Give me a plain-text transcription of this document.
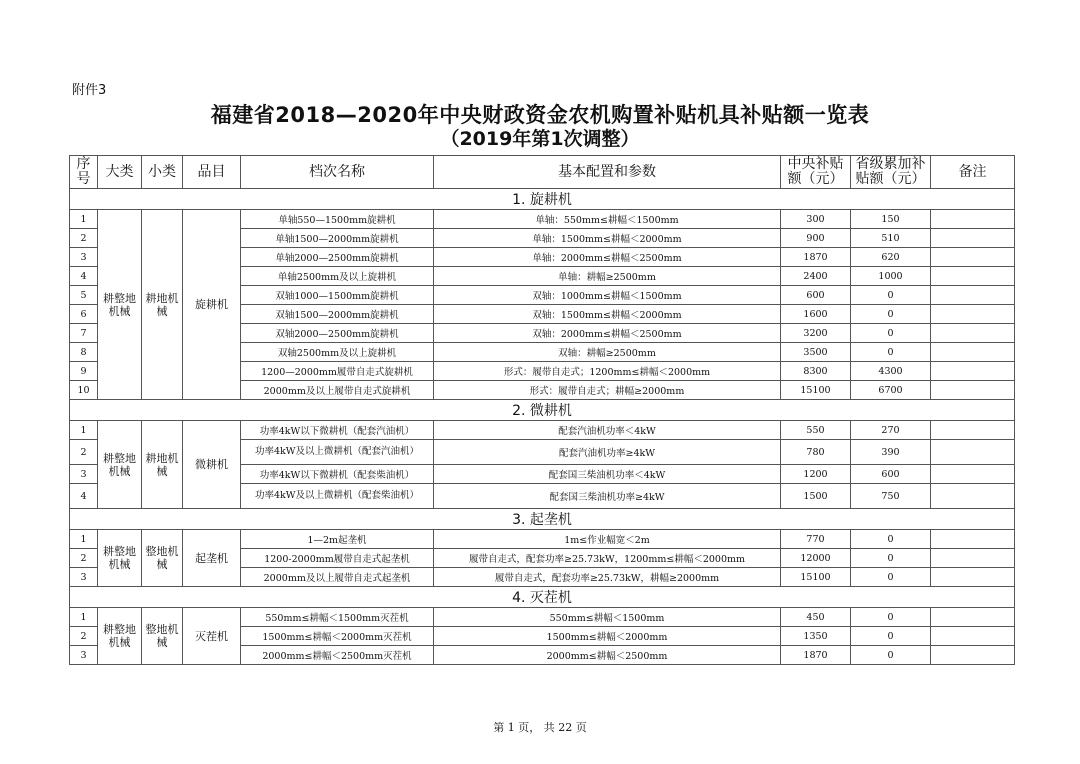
附件3
福建省2018—2020年中央财政资金农机购置补贴机具补贴额一览表
（2019年第1次调整）
序号	大类	小类	品目	档次名称	基本配置和参数	中央补贴额（元）	省级累加补贴额（元）	备注
1. 旋耕机								
1	耕整地机械	耕地机械	旋耕机	单轴550—1500mm旋耕机	单轴：550mm≤耕幅＜1500mm	300	150	
2				单轴1500—2000mm旋耕机	单轴：1500mm≤耕幅＜2000mm	900	510	
3				单轴2000—2500mm旋耕机	单轴：2000mm≤耕幅＜2500mm	1870	620	
4				单轴2500mm及以上旋耕机	单轴：耕幅≥2500mm	2400	1000	
5				双轴1000—1500mm旋耕机	双轴：1000mm≤耕幅＜1500mm	600	0	
6				双轴1500—2000mm旋耕机	双轴：1500mm≤耕幅＜2000mm	1600	0	
7				双轴2000—2500mm旋耕机	双轴：2000mm≤耕幅＜2500mm	3200	0	
8				双轴2500mm及以上旋耕机	双轴：耕幅≥2500mm	3500	0	
9				1200—2000mm履带自走式旋耕机	形式：履带自走式；1200mm≤耕幅＜2000mm	8300	4300	
10				2000mm及以上履带自走式旋耕机	形式：履带自走式；耕幅≥2000mm	15100	6700	
2. 微耕机								
1	耕整地机械	耕地机械	微耕机	功率4kW以下微耕机（配套汽油机）	配套汽油机功率＜4kW	550	270	
2				功率4kW及以上微耕机（配套汽油机）	配套汽油机功率≥4kW	780	390	
3				功率4kW以下微耕机（配套柴油机）	配套国三柴油机功率＜4kW	1200	600	
4				功率4kW及以上微耕机（配套柴油机）	配套国三柴油机功率≥4kW	1500	750	
3. 起垄机								
1	耕整地机械	整地机械	起垄机	1—2m起垄机	1m≤作业幅宽＜2m	770	0	
2				1200-2000mm履带自走式起垄机	履带自走式，配套功率≥25.73kW，1200mm≤耕幅＜2000mm	12000	0	
3				2000mm及以上履带自走式起垄机	履带自走式，配套功率≥25.73kW，耕幅≥2000mm	15100	0	
4. 灭茬机								
1	耕整地机械	整地机械	灭茬机	550mm≤耕幅＜1500mm灭茬机	550mm≤耕幅＜1500mm	450	0	
2				1500mm≤耕幅＜2000mm灭茬机	1500mm≤耕幅＜2000mm	1350	0	
3				2000mm≤耕幅＜2500mm灭茬机	2000mm≤耕幅＜2500mm	1870	0	
第 1 页， 共 22 页
